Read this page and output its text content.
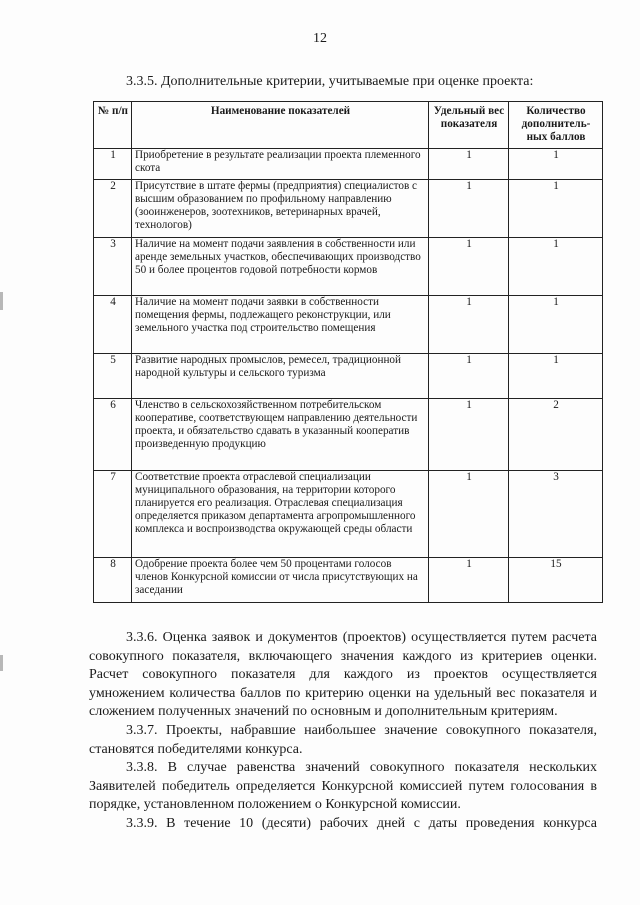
12
3.3.5. Дополнительные критерии, учитываемые при оценке проекта:
№ п/п	Наименование показателей	Удельный вес показателя	Количество дополнитель-ных баллов
1	Приобретение в результате реализации проекта племенного скота	1	1
2	Присутствие в штате фермы (предприятия) специалистов с высшим образованием по профильному направлению (зооинженеров, зоотехников, ветеринарных врачей, технологов)	1	1
3	Наличие на момент подачи заявления в собственности или аренде земельных участков, обеспечивающих производство 50 и более процентов годовой потребности кормов	1	1
4	Наличие на момент подачи заявки в собственности помещения фермы, подлежащего реконструкции, или земельного участка под строительство помещения	1	1
5	Развитие народных промыслов, ремесел, традиционной народной культуры и сельского туризма	1	1
6	Членство в сельскохозяйственном потребительском кооперативе, соответствующем направлению деятельности проекта, и обязательство сдавать в указанный кооператив произведенную продукцию	1	2
7	Соответствие проекта отраслевой специализации муниципального образования, на территории которого планируется его реализация. Отраслевая специализация определяется приказом департамента агропромышленного комплекса и воспроизводства окружающей среды области	1	3
8	Одобрение проекта более чем 50 процентами голосов членов Конкурсной комиссии от числа присутствующих на заседании	1	15

3.3.6. Оценка заявок и документов (проектов) осуществляется путем расчета совокупного показателя, включающего значения каждого из критериев оценки. Расчет совокупного показателя для каждого из проектов осуществляется умножением количества баллов по критерию оценки на удельный вес показателя и сложением полученных значений по основным и дополнительным критериям.

3.3.7. Проекты, набравшие наибольшее значение совокупного показателя, становятся победителями конкурса.

3.3.8. В случае равенства значений совокупного показателя нескольких Заявителей победитель определяется Конкурсной комиссией путем голосования в порядке, установленном положением о Конкурсной комиссии.

3.3.9. В течение 10 (десяти) рабочих дней с даты проведения конкурса
